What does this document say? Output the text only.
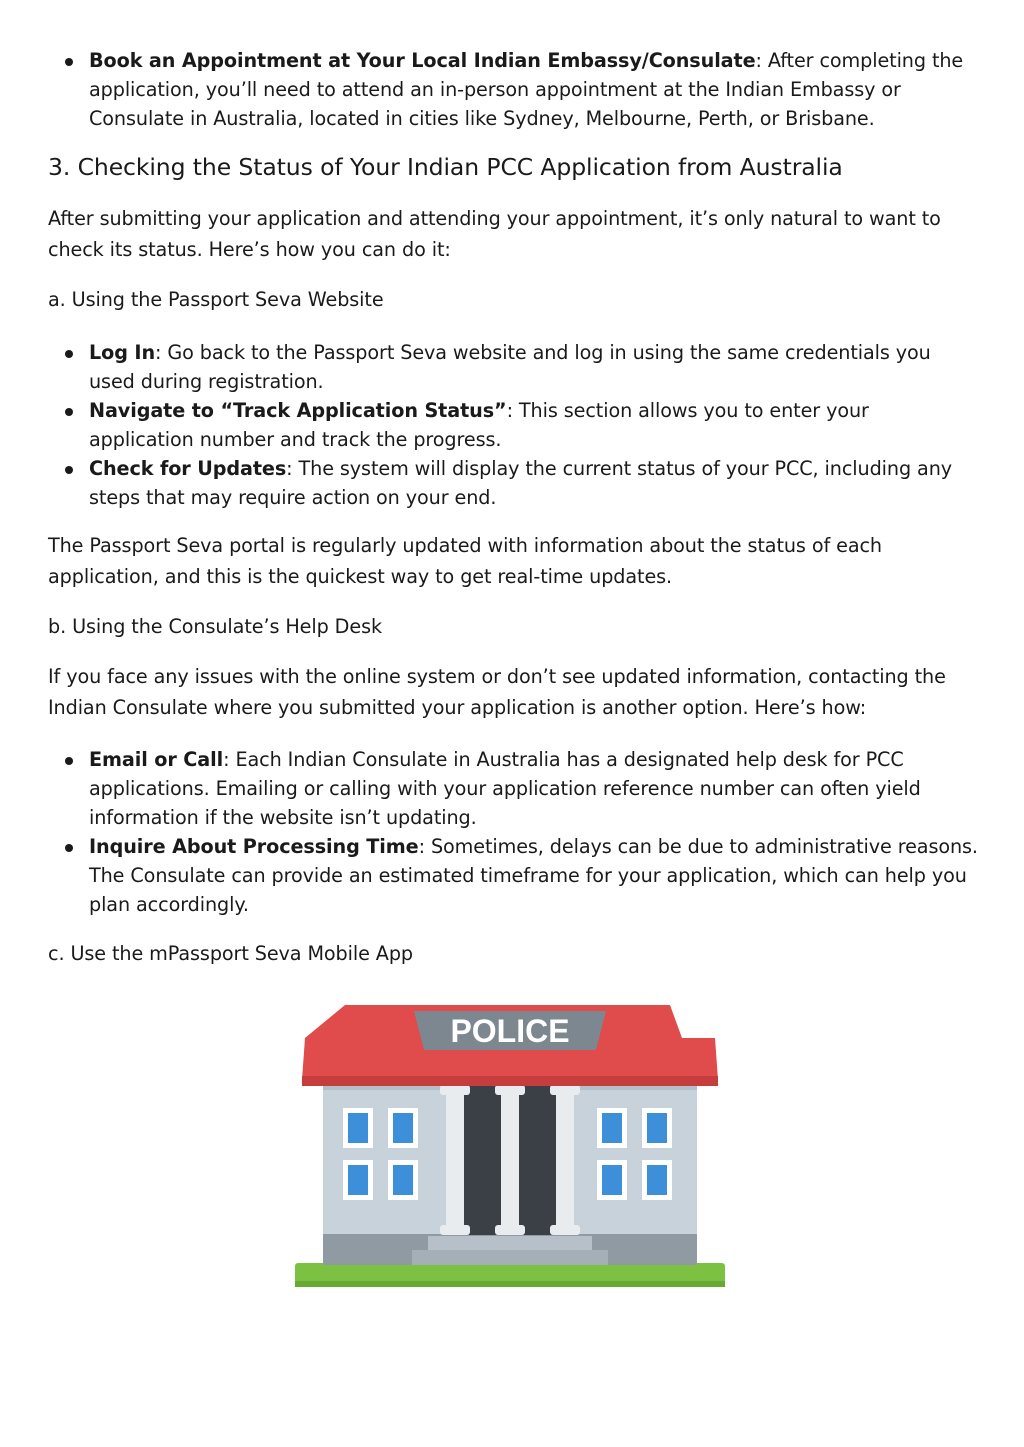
Book an Appointment at Your Local Indian Embassy/Consulate: After completing the application, you’ll need to attend an in-person appointment at the Indian Embassy or Consulate in Australia, located in cities like Sydney, Melbourne, Perth, or Brisbane.
3. Checking the Status of Your Indian PCC Application from Australia

After submitting your application and attending your appointment, it’s only natural to want to check its status. Here’s how you can do it:

a. Using the Passport Seva Website

Log In: Go back to the Passport Seva website and log in using the same credentials you used during registration.
Navigate to “Track Application Status”: This section allows you to enter your application number and track the progress.
Check for Updates: The system will display the current status of your PCC, including any steps that may require action on your end.

The Passport Seva portal is regularly updated with information about the status of each application, and this is the quickest way to get real-time updates.

b. Using the Consulate’s Help Desk

If you face any issues with the online system or don’t see updated information, contacting the Indian Consulate where you submitted your application is another option. Here’s how:

Email or Call: Each Indian Consulate in Australia has a designated help desk for PCC applications. Emailing or calling with your application reference number can often yield information if the website isn’t updating.
Inquire About Processing Time: Sometimes, delays can be due to administrative reasons. The Consulate can provide an estimated timeframe for your application, which can help you plan accordingly.

c. Use the mPassport Seva Mobile App

POLICE
